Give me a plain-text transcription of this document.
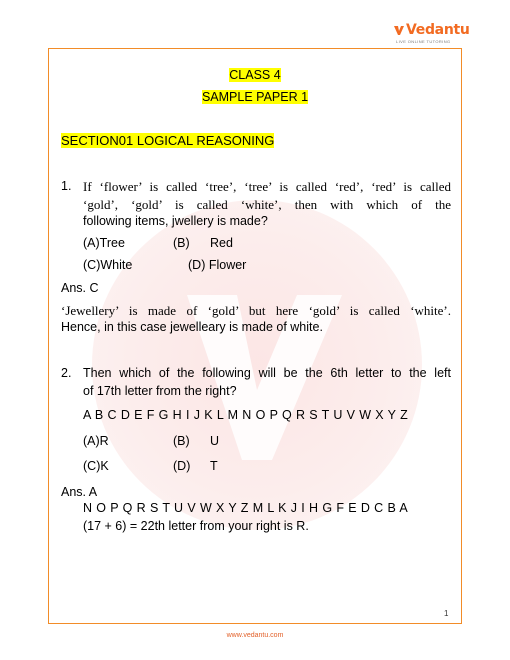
Vedantu
LIVE ONLINE TUTORING
CLASS 4
SAMPLE PAPER 1
SECTION01 LOGICAL REASONING
1. If ‘flower’ is called ‘tree’, ‘tree’ is called ‘red’, ‘red’ is called
‘gold’, ‘gold’ is called ‘white’, then with which of the
following items, jwellery is made?
(A)Tree	(B) Red
(C)White	(D) Flower
Ans. C
‘Jewellery’ is made of ‘gold’ but here ‘gold’ is called ‘white’.
Hence, in this case jewelleary is made of white.
2. Then which of the following will be the 6th letter to the left
of 17th letter from the right?
A B C D E F G H I J K L M N O P Q R S T U V W X Y Z
(A)R	(B) U
(C)K	(D) T
Ans. A
N O P Q R S T U V W X Y Z M L K J I H G F E D C B A
(17 + 6) = 22th letter from your right is R.
1
www.vedantu.com
